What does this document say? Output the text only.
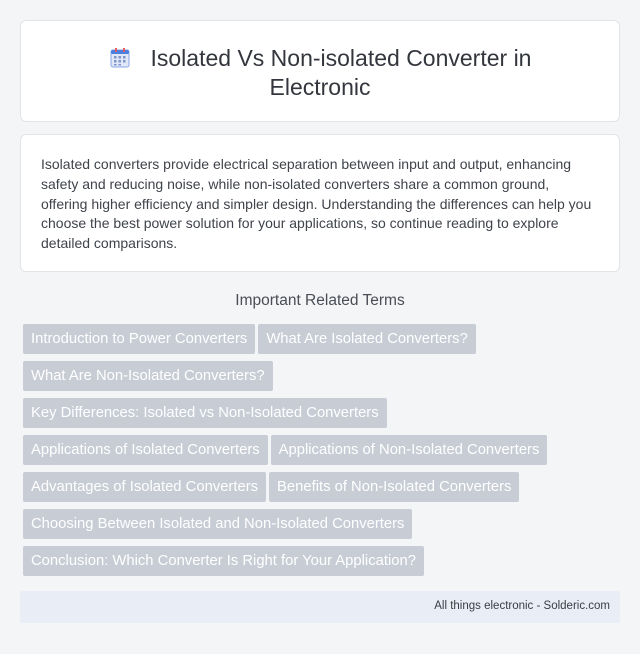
Isolated Vs Non-isolated Converter in
Electronic

Isolated converters provide electrical separation between input and output, enhancing safety and reducing noise, while non-isolated converters share a common ground, offering higher efficiency and simpler design. Understanding the differences can help you choose the best power solution for your applications, so continue reading to explore detailed comparisons.

Important Related Terms
Introduction to Power Converters What Are Isolated Converters?
What Are Non-Isolated Converters?
Key Differences: Isolated vs Non-Isolated Converters
Applications of Isolated Converters Applications of Non-Isolated Converters
Advantages of Isolated Converters Benefits of Non-Isolated Converters
Choosing Between Isolated and Non-Isolated Converters
Conclusion: Which Converter Is Right for Your Application?
All things electronic - Solderic.com
